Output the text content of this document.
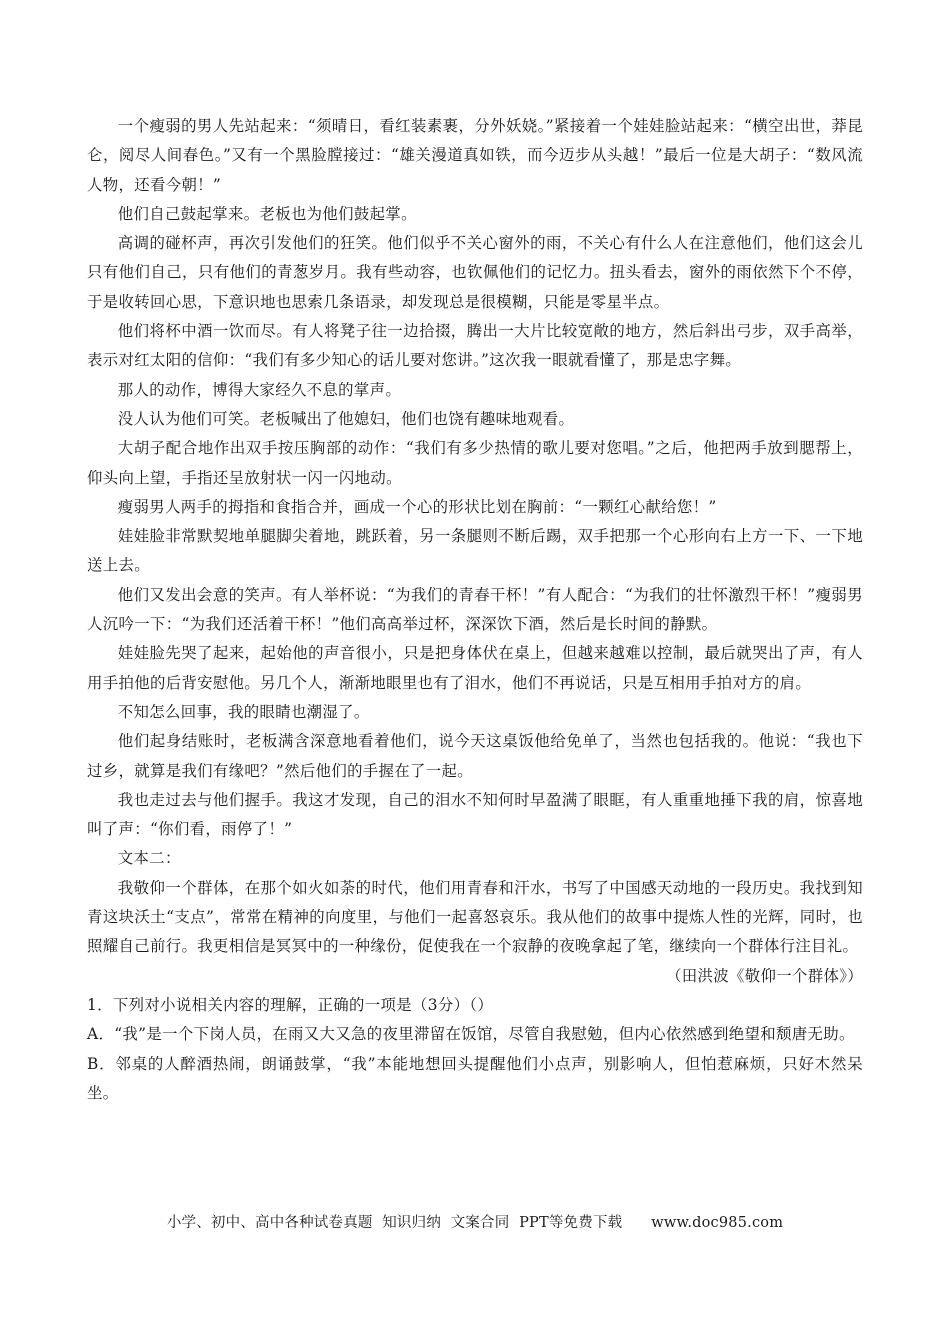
一个瘦弱的男人先站起来：“须晴日，看红装素裹，分外妖娆。”紧接着一个娃娃脸站起来：“横空出世，莽昆仑，阅尽人间春色。”又有一个黑脸膛接过：“雄关漫道真如铁，而今迈步从头越！”最后一位是大胡子：“数风流人物，还看今朝！”

他们自己鼓起掌来。老板也为他们鼓起掌。

高调的碰杯声，再次引发他们的狂笑。他们似乎不关心窗外的雨，不关心有什么人在注意他们，他们这会儿只有他们自己，只有他们的青葱岁月。我有些动容，也钦佩他们的记忆力。扭头看去，窗外的雨依然下个不停，于是收转回心思，下意识地也思索几条语录，却发现总是很模糊，只能是零星半点。

他们将杯中酒一饮而尽。有人将凳子往一边拾掇，腾出一大片比较宽敞的地方，然后斜出弓步，双手高举，表示对红太阳的信仰：“我们有多少知心的话儿要对您讲。”这次我一眼就看懂了，那是忠字舞。

那人的动作，博得大家经久不息的掌声。

没人认为他们可笑。老板喊出了他媳妇，他们也饶有趣味地观看。

大胡子配合地作出双手按压胸部的动作：“我们有多少热情的歌儿要对您唱。”之后，他把两手放到腮帮上，仰头向上望，手指还呈放射状一闪一闪地动。

瘦弱男人两手的拇指和食指合并，画成一个心的形状比划在胸前：“一颗红心献给您！”

娃娃脸非常默契地单腿脚尖着地，跳跃着，另一条腿则不断后踢，双手把那一个心形向右上方一下、一下地送上去。

他们又发出会意的笑声。有人举杯说：“为我们的青春干杯！”有人配合：“为我们的壮怀激烈干杯！”瘦弱男人沉吟一下：“为我们还活着干杯！”他们高高举过杯，深深饮下酒，然后是长时间的静默。

娃娃脸先哭了起来，起始他的声音很小，只是把身体伏在桌上，但越来越难以控制，最后就哭出了声，有人用手拍他的后背安慰他。另几个人，渐渐地眼里也有了泪水，他们不再说话，只是互相用手拍对方的肩。

不知怎么回事，我的眼睛也潮湿了。

他们起身结账时，老板满含深意地看着他们，说今天这桌饭他给免单了，当然也包括我的。他说：“我也下过乡，就算是我们有缘吧？”然后他们的手握在了一起。

我也走过去与他们握手。我这才发现，自己的泪水不知何时早盈满了眼眶，有人重重地捶下我的肩，惊喜地叫了声：“你们看，雨停了！”

文本二：

我敬仰一个群体，在那个如火如荼的时代，他们用青春和汗水，书写了中国感天动地的一段历史。我找到知青这块沃土“支点”，常常在精神的向度里，与他们一起喜怒哀乐。我从他们的故事中提炼人性的光辉，同时，也照耀自己前行。我更相信是冥冥中的一种缘份，促使我在一个寂静的夜晚拿起了笔，继续向一个群体行注目礼。

（田洪波《敬仰一个群体》）

1．下列对小说相关内容的理解，正确的一项是（3分）（）

A．“我”是一个下岗人员，在雨又大又急的夜里滞留在饭馆，尽管自我慰勉，但内心依然感到绝望和颓唐无助。

B．邻桌的人醉酒热闹，朗诵鼓掌，“我”本能地想回头提醒他们小点声，别影响人，但怕惹麻烦，只好木然呆坐。

小学、初中、高中各种试卷真题  知识归纳  文案合同  PPT等免费下载 www.doc985.com
